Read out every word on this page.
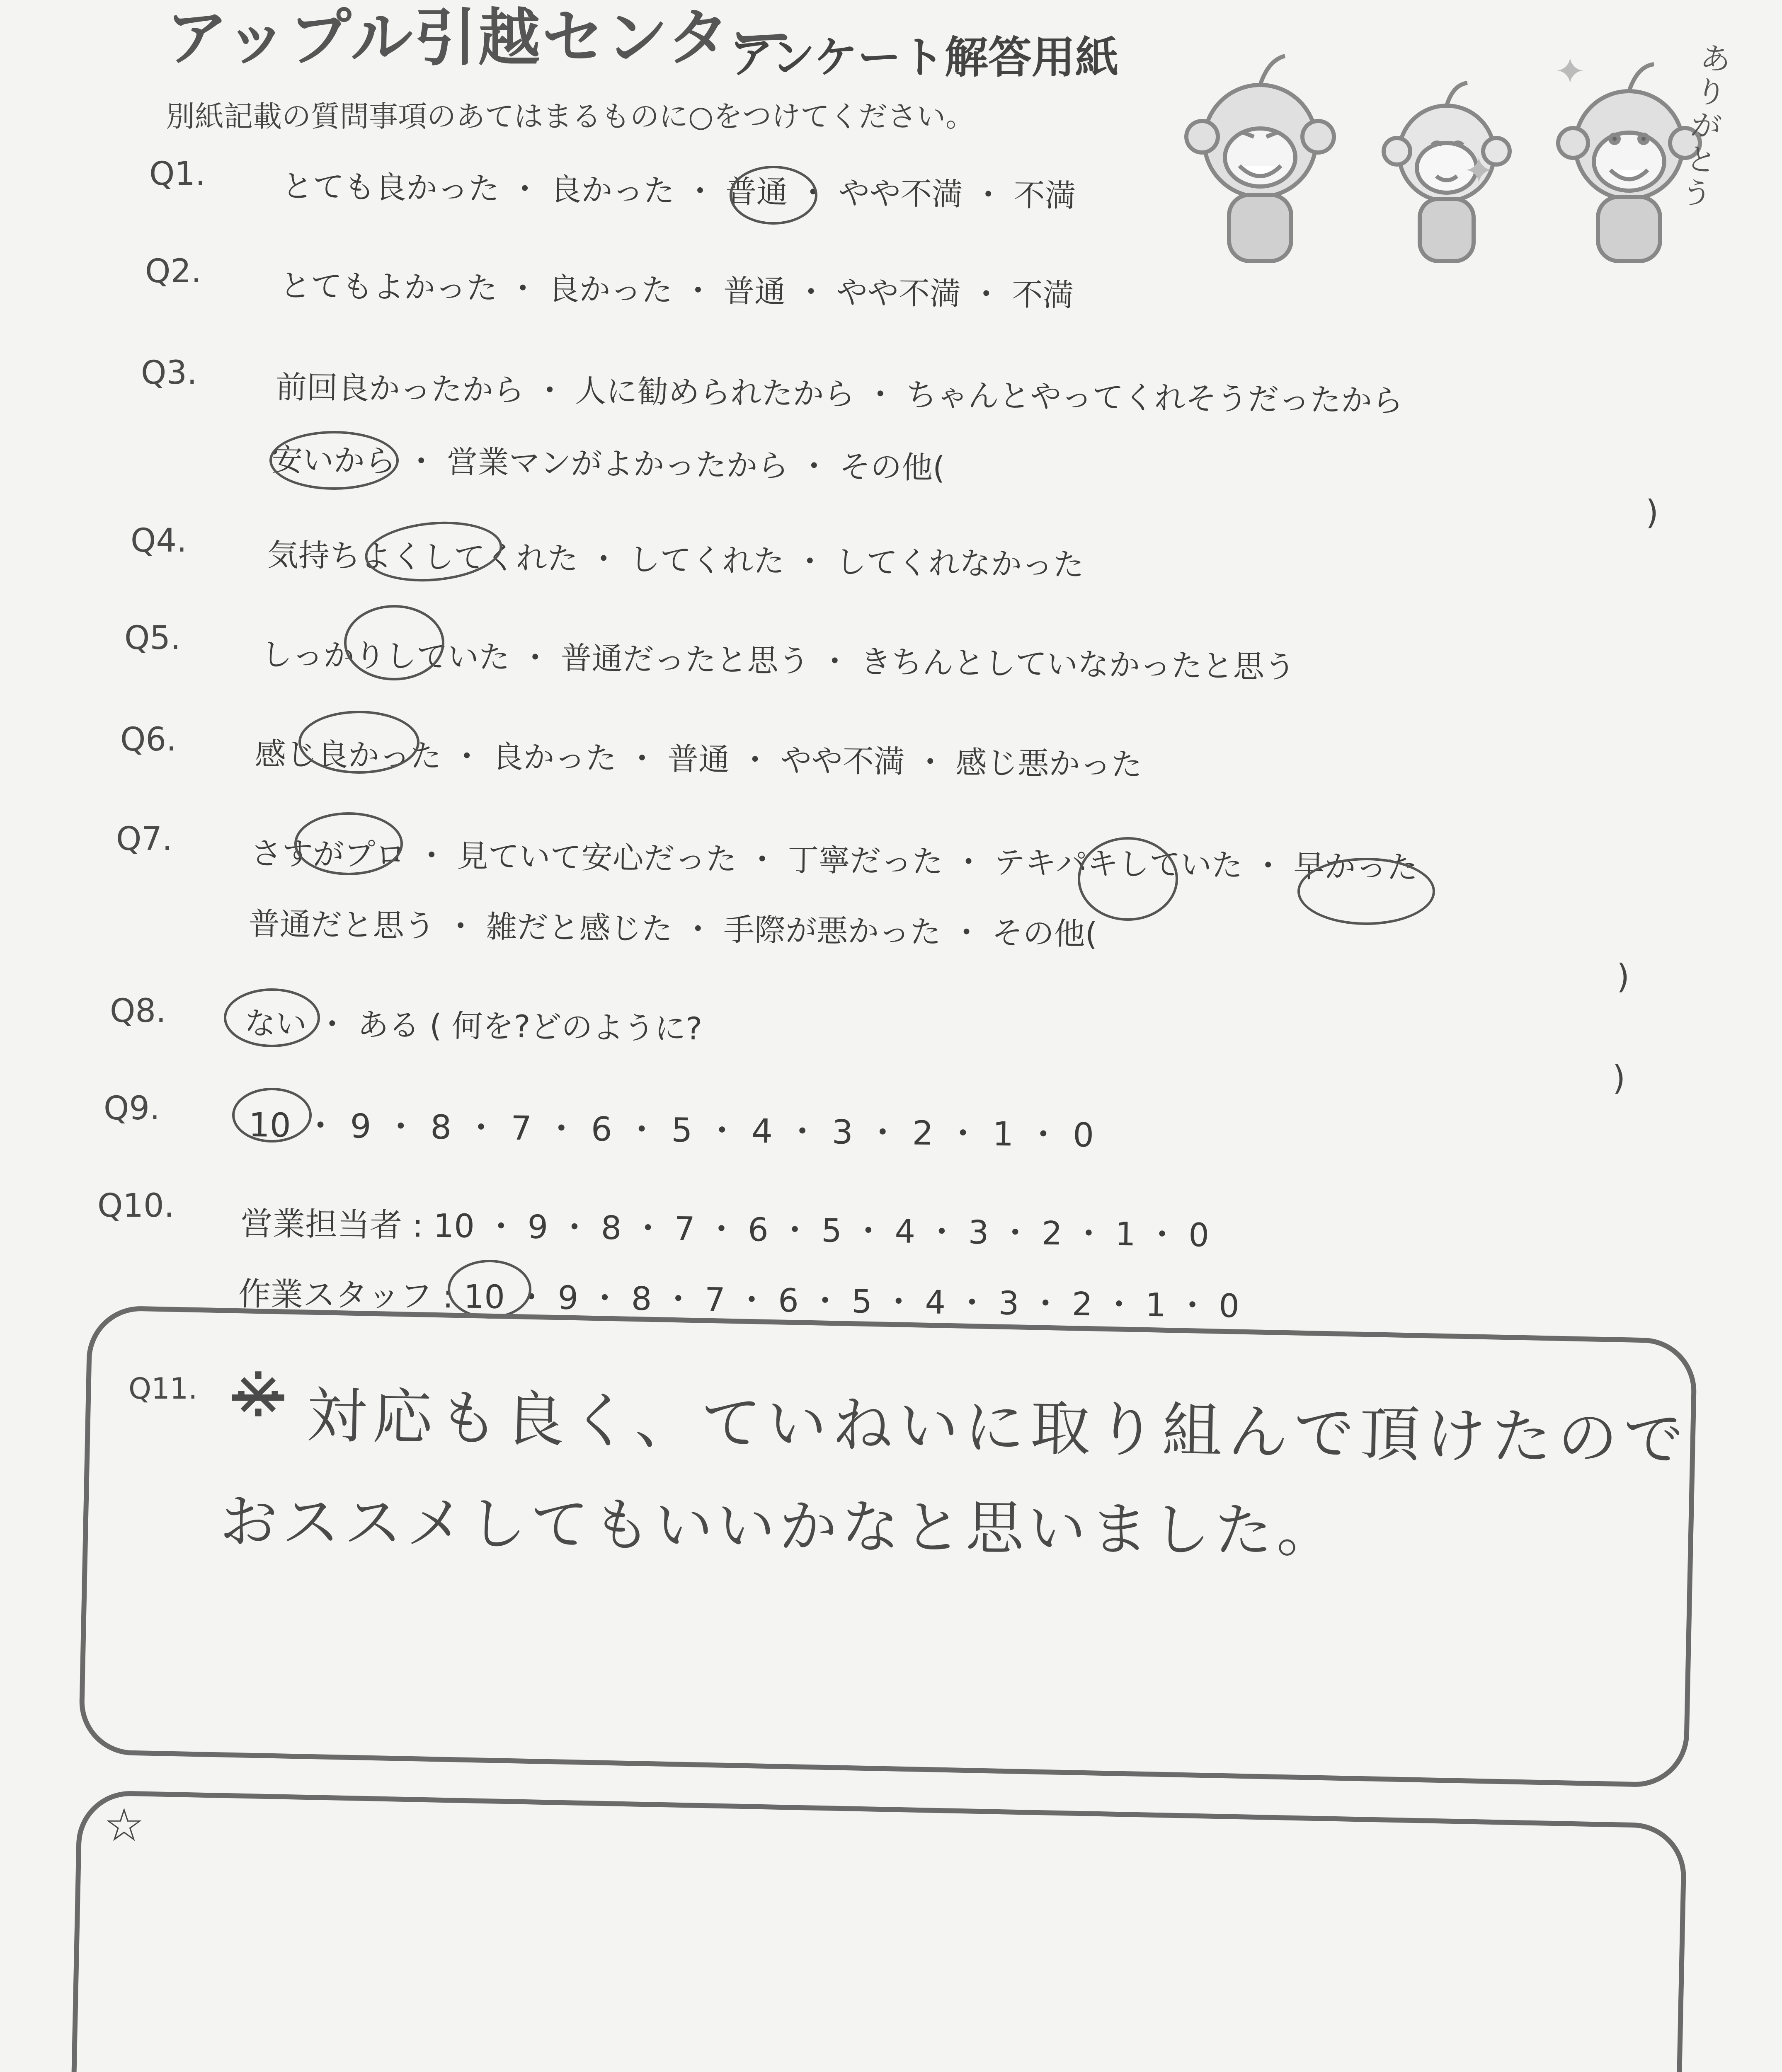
アップル引越センター
アンケート解答用紙
別紙記載の質問事項のあてはまるものに○をつけてください。
ありがとう
✦
✦
Q1. とても良かった ・ 良かった ・ 普通 ・ やや不満 ・ 不満
Q2.	とてもよかった ・ 良かった ・ 普通 ・ やや不満 ・ 不満
Q3.	前回良かったから ・ 人に勧められたから ・ ちゃんとやってくれそうだったから
安いから ・ 営業マンがよかったから ・ その他(
)
Q4.	気持ちよくしてくれた ・ してくれた ・ してくれなかった
Q5.	しっかりしていた ・ 普通だったと思う ・ きちんとしていなかったと思う
Q6.	感じ良かった ・ 良かった ・ 普通 ・ やや不満 ・ 感じ悪かった
Q7.	さすがプロ ・ 見ていて安心だった ・ 丁寧だった ・ テキパキしていた ・ 早かった
普通だと思う ・ 雑だと感じた ・ 手際が悪かった ・ その他(
)
Q8.	ない ・ ある ( 何を?どのように?
)
Q9.	10 ・ 9 ・ 8 ・ 7 ・ 6 ・ 5 ・ 4 ・ 3 ・ 2 ・ 1 ・ 0
Q10. 営業担当者 : 10 ・ 9 ・ 8 ・ 7 ・ 6 ・ 5 ・ 4 ・ 3 ・ 2 ・ 1 ・ 0
作業スタッフ : 10 ・ 9 ・ 8 ・ 7 ・ 6 ・ 5 ・ 4 ・ 3 ・ 2 ・ 1 ・ 0
Q11. ※ 対応も良く、ていねいに取り組んで頂けたので
おススメしてもいいかなと思いました。
☆
